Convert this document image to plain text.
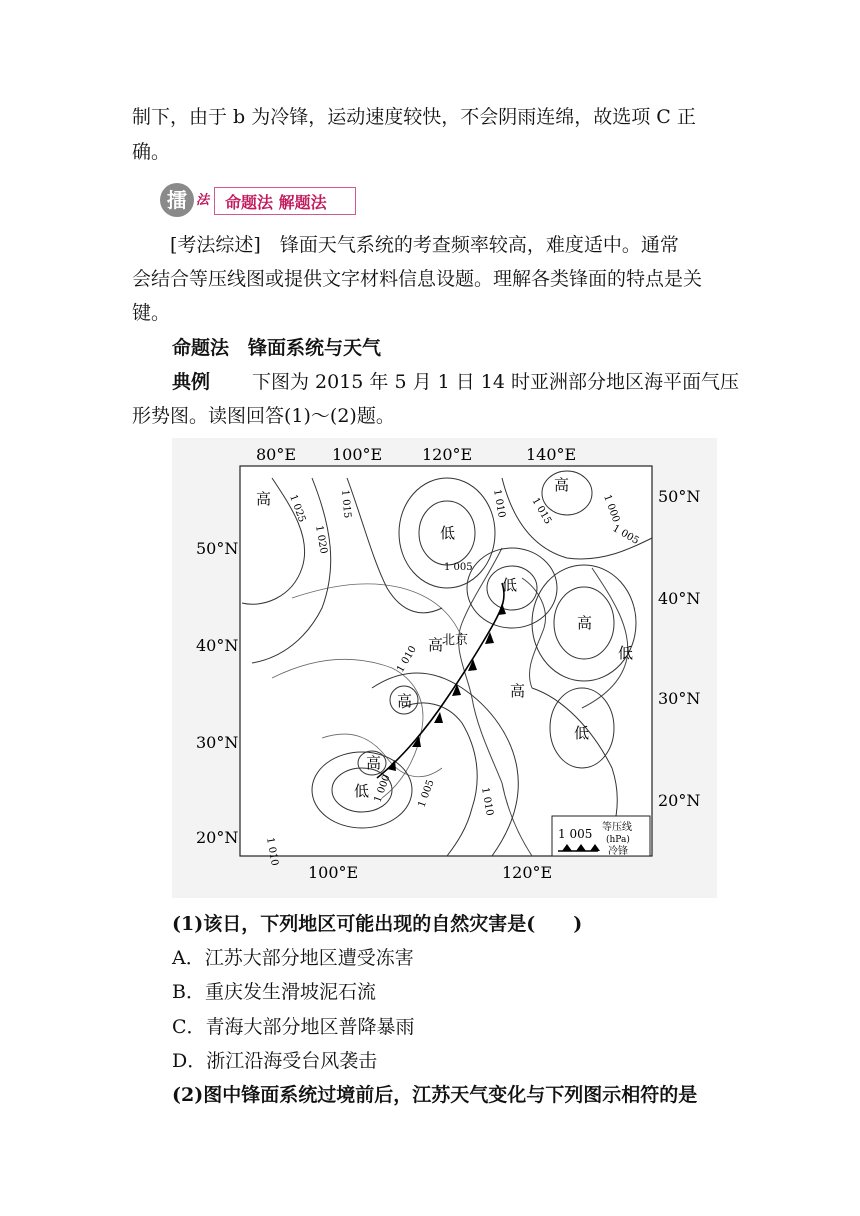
制下，由于 b 为冷锋，运动速度较快，不会阴雨连绵，故选项 C 正
确。
擂 法 命题法 解题法
[考法综述]　锋面天气系统的考查频率较高，难度适中。通常
会结合等压线图或提供文字材料信息设题。理解各类锋面的特点是关
键。
命题法　锋面系统与天气
典例 下图为 2015 年 5 月 1 日 14 时亚洲部分地区海平面气压
形势图。读图回答(1)～(2)题。
80°E 100°E 120°E	140°E
100°E	120°E
50°N
40°N
30°N
20°N
50°N
40°N
30°N
20°N
1 025	1 015
1 020
1 010
1 005
1 000
1 015
1 005
1 010
1 005
1 000	1 010
1 010
高
高
高
高
高
高
高
低
低
低
低
低
北京
1 005 等压线
(hPa)
冷锋
(1)该日，下列地区可能出现的自然灾害是(　　)
A．江苏大部分地区遭受冻害
B．重庆发生滑坡泥石流
C．青海大部分地区普降暴雨
D．浙江沿海受台风袭击
(2)图中锋面系统过境前后，江苏天气变化与下列图示相符的是
